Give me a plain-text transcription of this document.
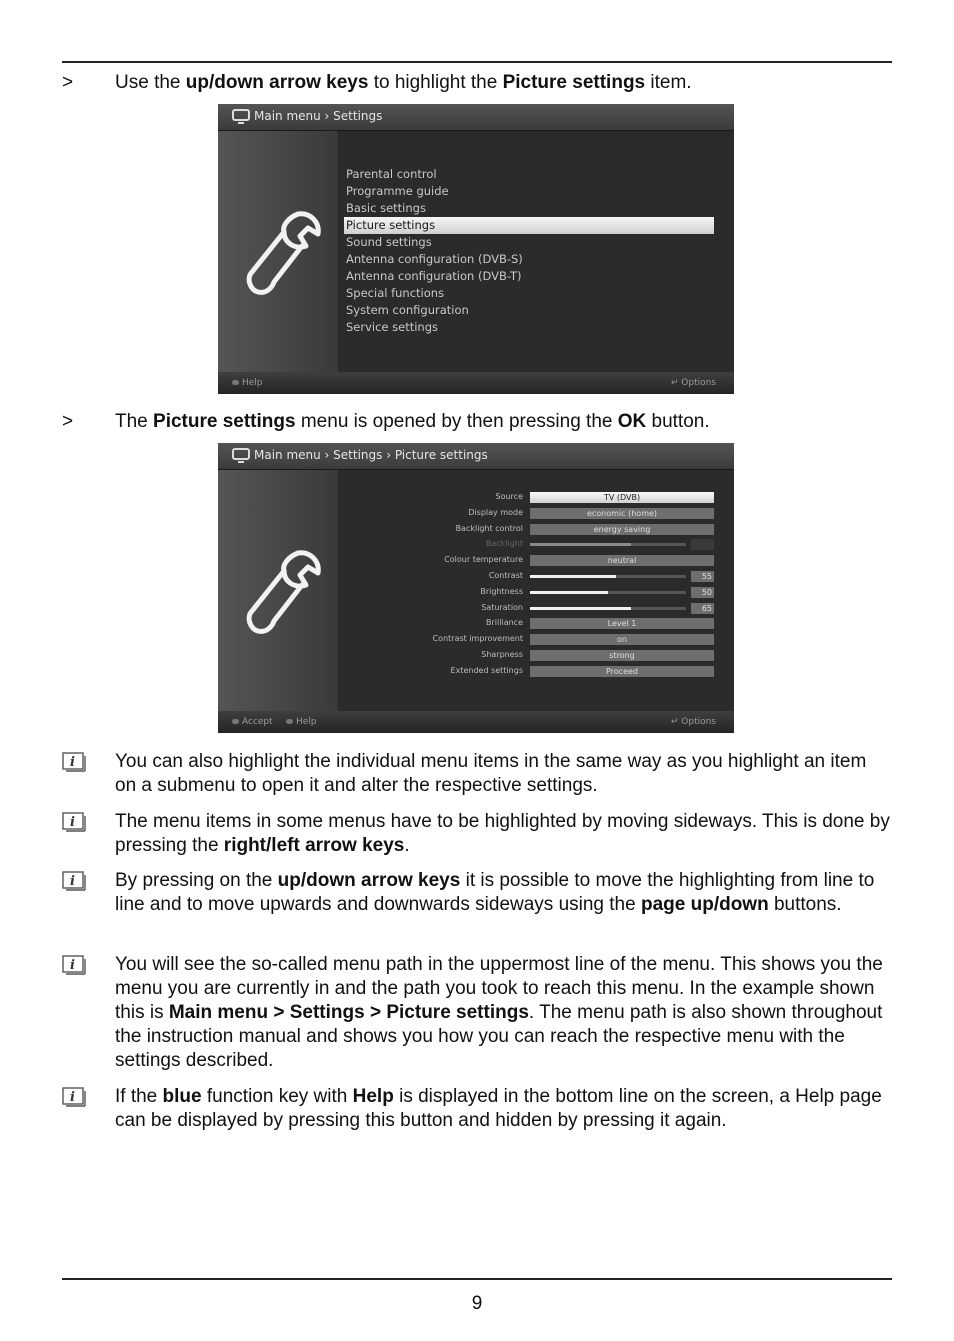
> Use the up/down arrow keys to highlight the Picture settings item.
Main menu › Settings
Parental control
Programme guide
Basic settings
Picture settings
Sound settings
Antenna configuration (DVB-S)
Antenna configuration (DVB-T)
Special functions
System configuration
Service settings
Help	↵ Options
> The Picture settings menu is opened by then pressing the OK button.
Main menu › Settings › Picture settings
Source	TV (DVB)
Display mode	economic (home)
Backlight control	energy saving
Backlight
Colour temperature	neutral
Contrast	55
Brightness	50
Saturation	65
Brilliance	Level 1
Contrast improvement	on
Sharpness	strong
Extended settings	Proceed
Accept	Help	↵ Options
i You can also highlight the individual menu items in the same way as you highlight an item on a submenu to open it and alter the respective settings.
i The menu items in some menus have to be highlighted by moving sideways. This is done by pressing the right/left arrow keys.
i By pressing on the up/down arrow keys it is possible to move the highlighting from line to line and to move upwards and downwards sideways using the page up/down buttons.
i You will see the so-called menu path in the uppermost line of the menu. This shows you the menu you are currently in and the path you took to reach this menu. In the example shown this is Main menu > Settings > Picture settings. The menu path is also shown throughout the instruction manual and shows you how you can reach the respective menu with the settings described.
i If the blue function key with Help is displayed in the bottom line on the screen, a Help page can be displayed by pressing this button and hidden by pressing it again.
9
